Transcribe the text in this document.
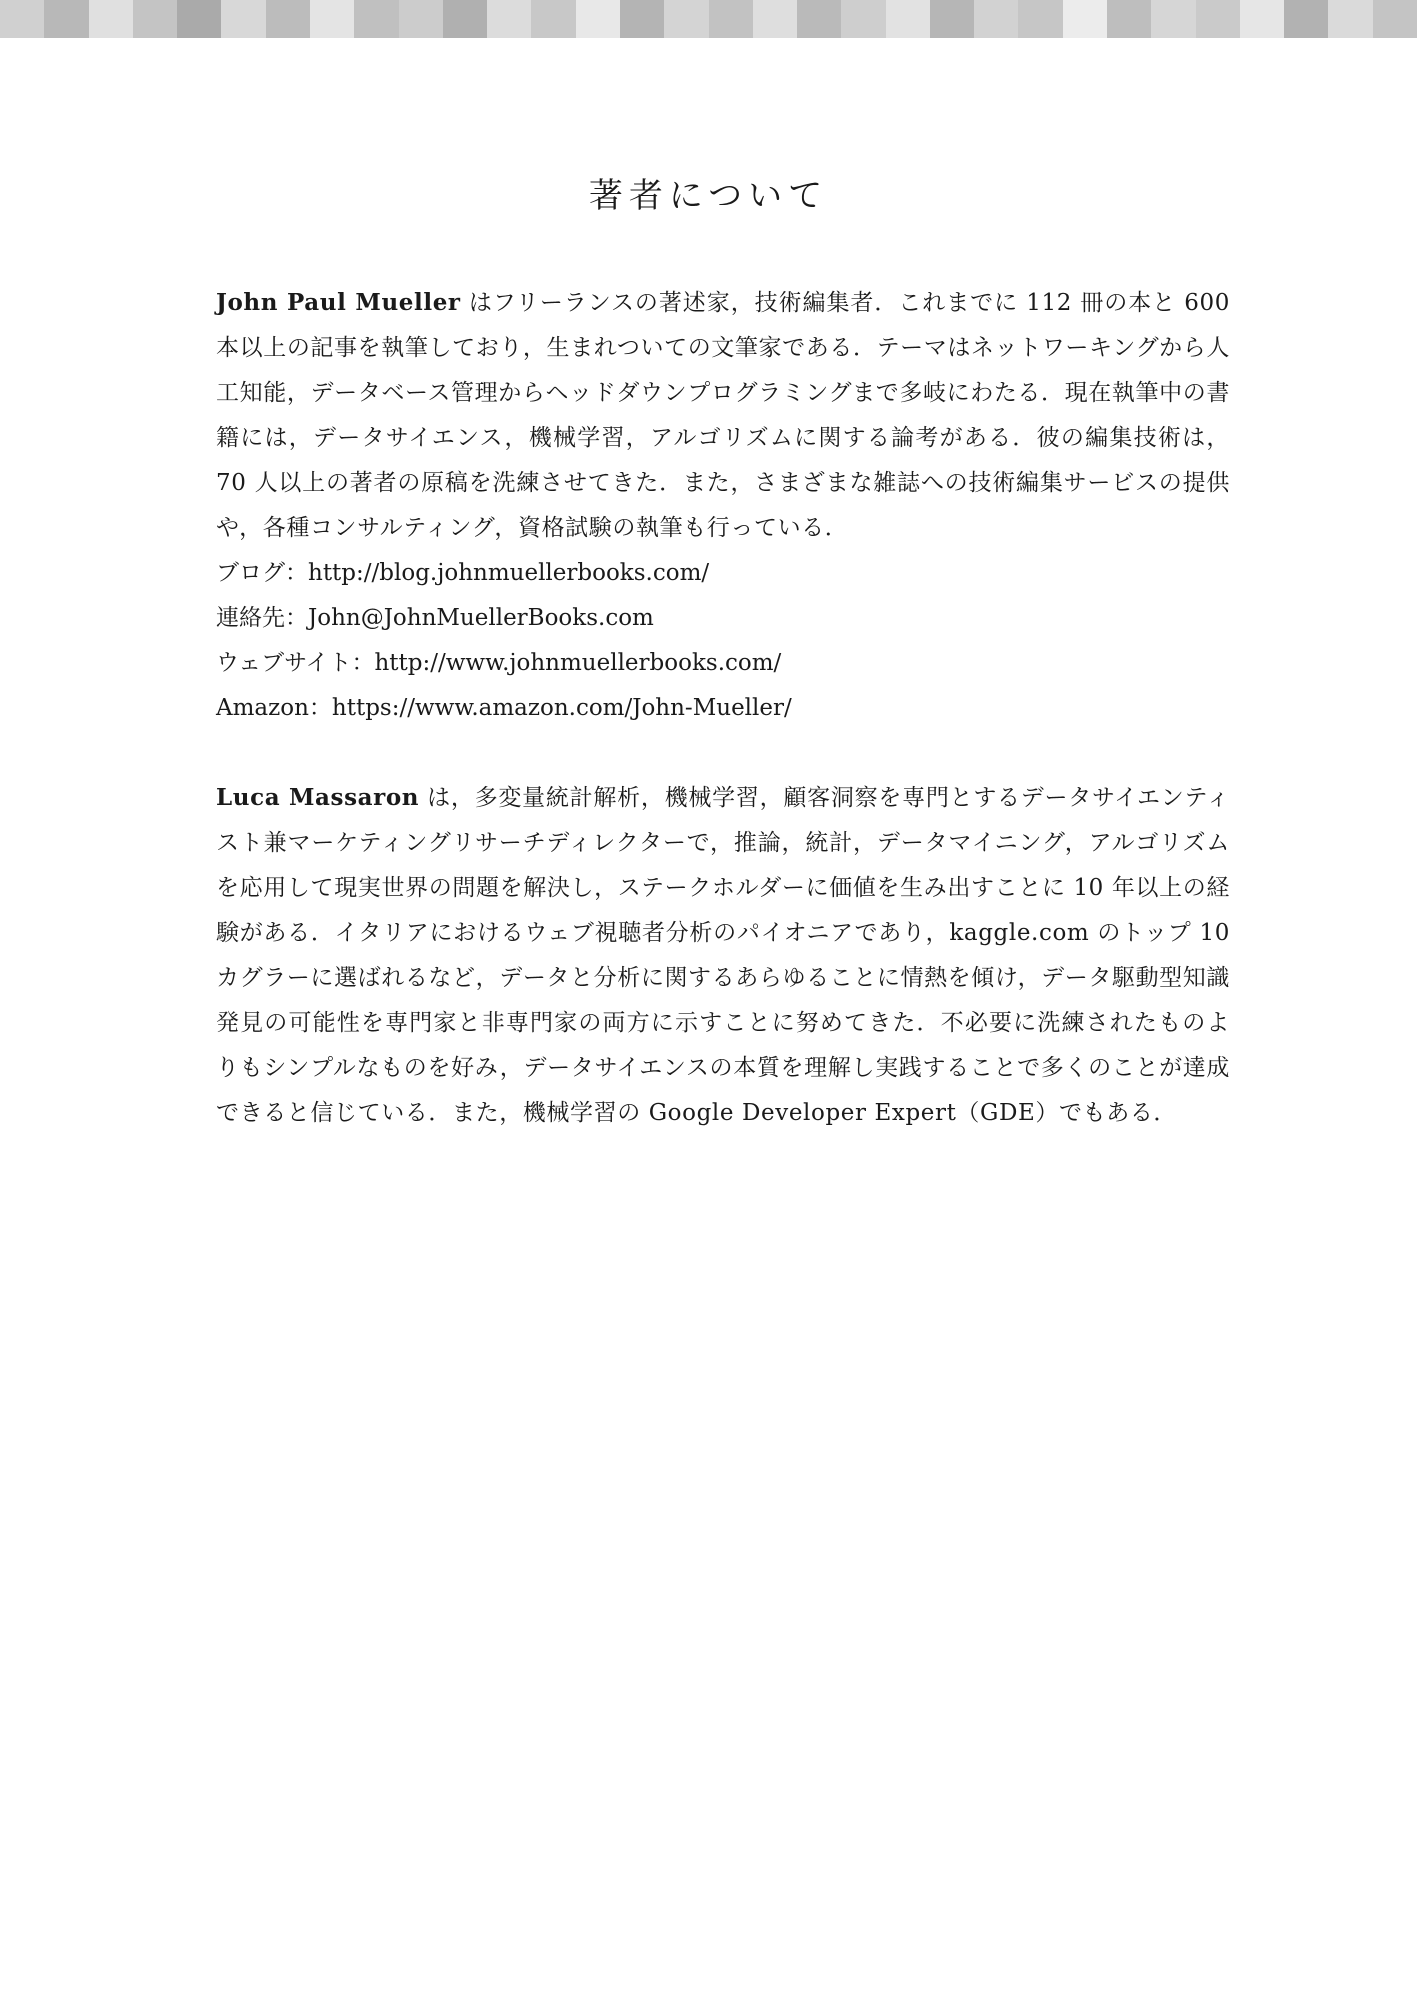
著者について

John Paul Mueller はフリーランスの著述家，技術編集者．これまでに 112 冊の本と 600 本以上の記事を執筆しており，生まれついての文筆家である．テーマはネットワーキングから人工知能，データベース管理からヘッドダウンプログラミングまで多岐にわたる．現在執筆中の書籍には，データサイエンス，機械学習，アルゴリズムに関する論考がある．彼の編集技術は，70 人以上の著者の原稿を洗練させてきた．また，さまざまな雑誌への技術編集サービスの提供や，各種コンサルティング，資格試験の執筆も行っている．

ブログ：http://blog.johnmuellerbooks.com/

連絡先：John@JohnMuellerBooks.com

ウェブサイト：http://www.johnmuellerbooks.com/

Amazon：https://www.amazon.com/John-Mueller/

Luca Massaron は，多変量統計解析，機械学習，顧客洞察を専門とするデータサイエンティスト兼マーケティングリサーチディレクターで，推論，統計，データマイニング，アルゴリズムを応用して現実世界の問題を解決し，ステークホルダーに価値を生み出すことに 10 年以上の経験がある．イタリアにおけるウェブ視聴者分析のパイオニアであり，kaggle.com のトップ 10 カグラーに選ばれるなど，データと分析に関するあらゆることに情熱を傾け，データ駆動型知識発見の可能性を専門家と非専門家の両方に示すことに努めてきた．不必要に洗練されたものよりもシンプルなものを好み，データサイエンスの本質を理解し実践することで多くのことが達成できると信じている．また，機械学習の Google Developer Expert（GDE）でもある．
